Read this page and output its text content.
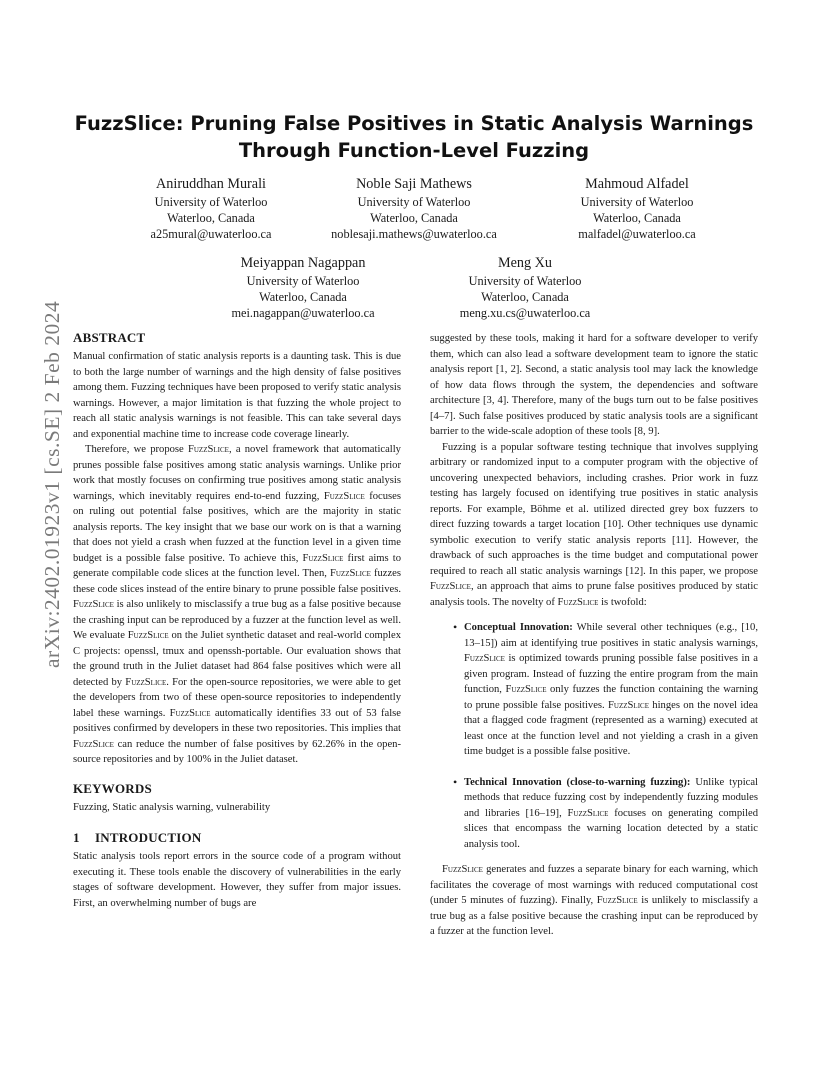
arXiv:2402.01923v1 [cs.SE] 2 Feb 2024
FuzzSlice: Pruning False Positives in Static Analysis Warnings
Through Function-Level Fuzzing
Aniruddhan Murali
University of Waterloo
Waterloo, Canada
a25mural@uwaterloo.ca
Noble Saji Mathews
University of Waterloo
Waterloo, Canada
noblesaji.mathews@uwaterloo.ca
Mahmoud Alfadel
University of Waterloo
Waterloo, Canada
malfadel@uwaterloo.ca
Meiyappan Nagappan
University of Waterloo
Waterloo, Canada
mei.nagappan@uwaterloo.ca
Meng Xu
University of Waterloo
Waterloo, Canada
meng.xu.cs@uwaterloo.ca
ABSTRACT

Manual confirmation of static analysis reports is a daunting task. This is due to both the large number of warnings and the high density of false positives among them. Fuzzing techniques have been proposed to verify static analysis warnings. However, a major limitation is that fuzzing the whole project to reach all static analysis warnings is not feasible. This can take several days and exponential machine time to increase code coverage linearly.

Therefore, we propose FuzzSlice, a novel framework that automatically prunes possible false positives among static analysis warnings. Unlike prior work that mostly focuses on confirming true positives among static analysis warnings, which inevitably requires end-to-end fuzzing, FuzzSlice focuses on ruling out potential false positives, which are the majority in static analysis reports. The key insight that we base our work on is that a warning that does not yield a crash when fuzzed at the function level in a given time budget is a possible false positive. To achieve this, FuzzSlice first aims to generate compilable code slices at the function level. Then, FuzzSlice fuzzes these code slices instead of the entire binary to prune possible false positives. FuzzSlice is also unlikely to misclassify a true bug as a false positive because the crashing input can be reproduced by a fuzzer at the function level as well. We evaluate FuzzSlice on the Juliet synthetic dataset and real-world complex C projects: openssl, tmux and openssh-portable. Our evaluation shows that the ground truth in the Juliet dataset had 864 false positives which were all detected by FuzzSlice. For the open-source repositories, we were able to get the developers from two of these open-source repositories to independently label these warnings. FuzzSlice automatically identifies 33 out of 53 false positives confirmed by developers in these two repositories. This implies that FuzzSlice can reduce the number of false positives by 62.26% in the open-source repositories and by 100% in the Juliet dataset.

KEYWORDS

Fuzzing, Static analysis warning, vulnerability

1 INTRODUCTION

Static analysis tools report errors in the source code of a program without executing it. These tools enable the discovery of vulnerabilities in the early stages of software development. However, they suffer from major issues. First, an overwhelming number of bugs are

suggested by these tools, making it hard for a software developer to verify them, which can also lead a software development team to ignore the static analysis report [1, 2]. Second, a static analysis tool may lack the knowledge of how data flows through the system, the dependencies and software architecture [3, 4]. Therefore, many of the bugs turn out to be false positives [4–7]. Such false positives produced by static analysis tools are a significant barrier to the wide-scale adoption of these tools [8, 9].

Fuzzing is a popular software testing technique that involves supplying arbitrary or randomized input to a computer program with the objective of uncovering unexpected behaviors, including crashes. Prior work in fuzz testing has largely focused on identifying true positives in static analysis reports. For example, Böhme et al. utilized directed grey box fuzzers to direct fuzzing towards a target location [10]. Other techniques use dynamic symbolic execution to verify static analysis reports [11]. However, the drawback of such approaches is the time budget and computational power required to reach all static analysis warnings [12]. In this paper, we propose FuzzSlice, an approach that aims to prune false positives produced by static analysis tools. The novelty of FuzzSlice is twofold:

• Conceptual Innovation: While several other techniques (e.g., [10, 13–15]) aim at identifying true positives in static analysis warnings, FuzzSlice is optimized towards pruning possible false positives in a given program. Instead of fuzzing the entire program from the main function, FuzzSlice only fuzzes the function containing the warning to prune possible false positives. FuzzSlice hinges on the novel idea that a flagged code fragment (represented as a warning) executed at least once at the function level and not yielding a crash in a given time budget is a possible false positive.
• Technical Innovation (close-to-warning fuzzing): Unlike typical methods that reduce fuzzing cost by independently fuzzing modules and libraries [16–19], FuzzSlice focuses on generating compiled slices that encompass the warning location detected by a static analysis tool.

FuzzSlice generates and fuzzes a separate binary for each warning, which facilitates the coverage of most warnings with reduced computational cost (under 5 minutes of fuzzing). Finally, FuzzSlice is unlikely to misclassify a true bug as a false positive because the crashing input can be reproduced by a fuzzer at the function level.
